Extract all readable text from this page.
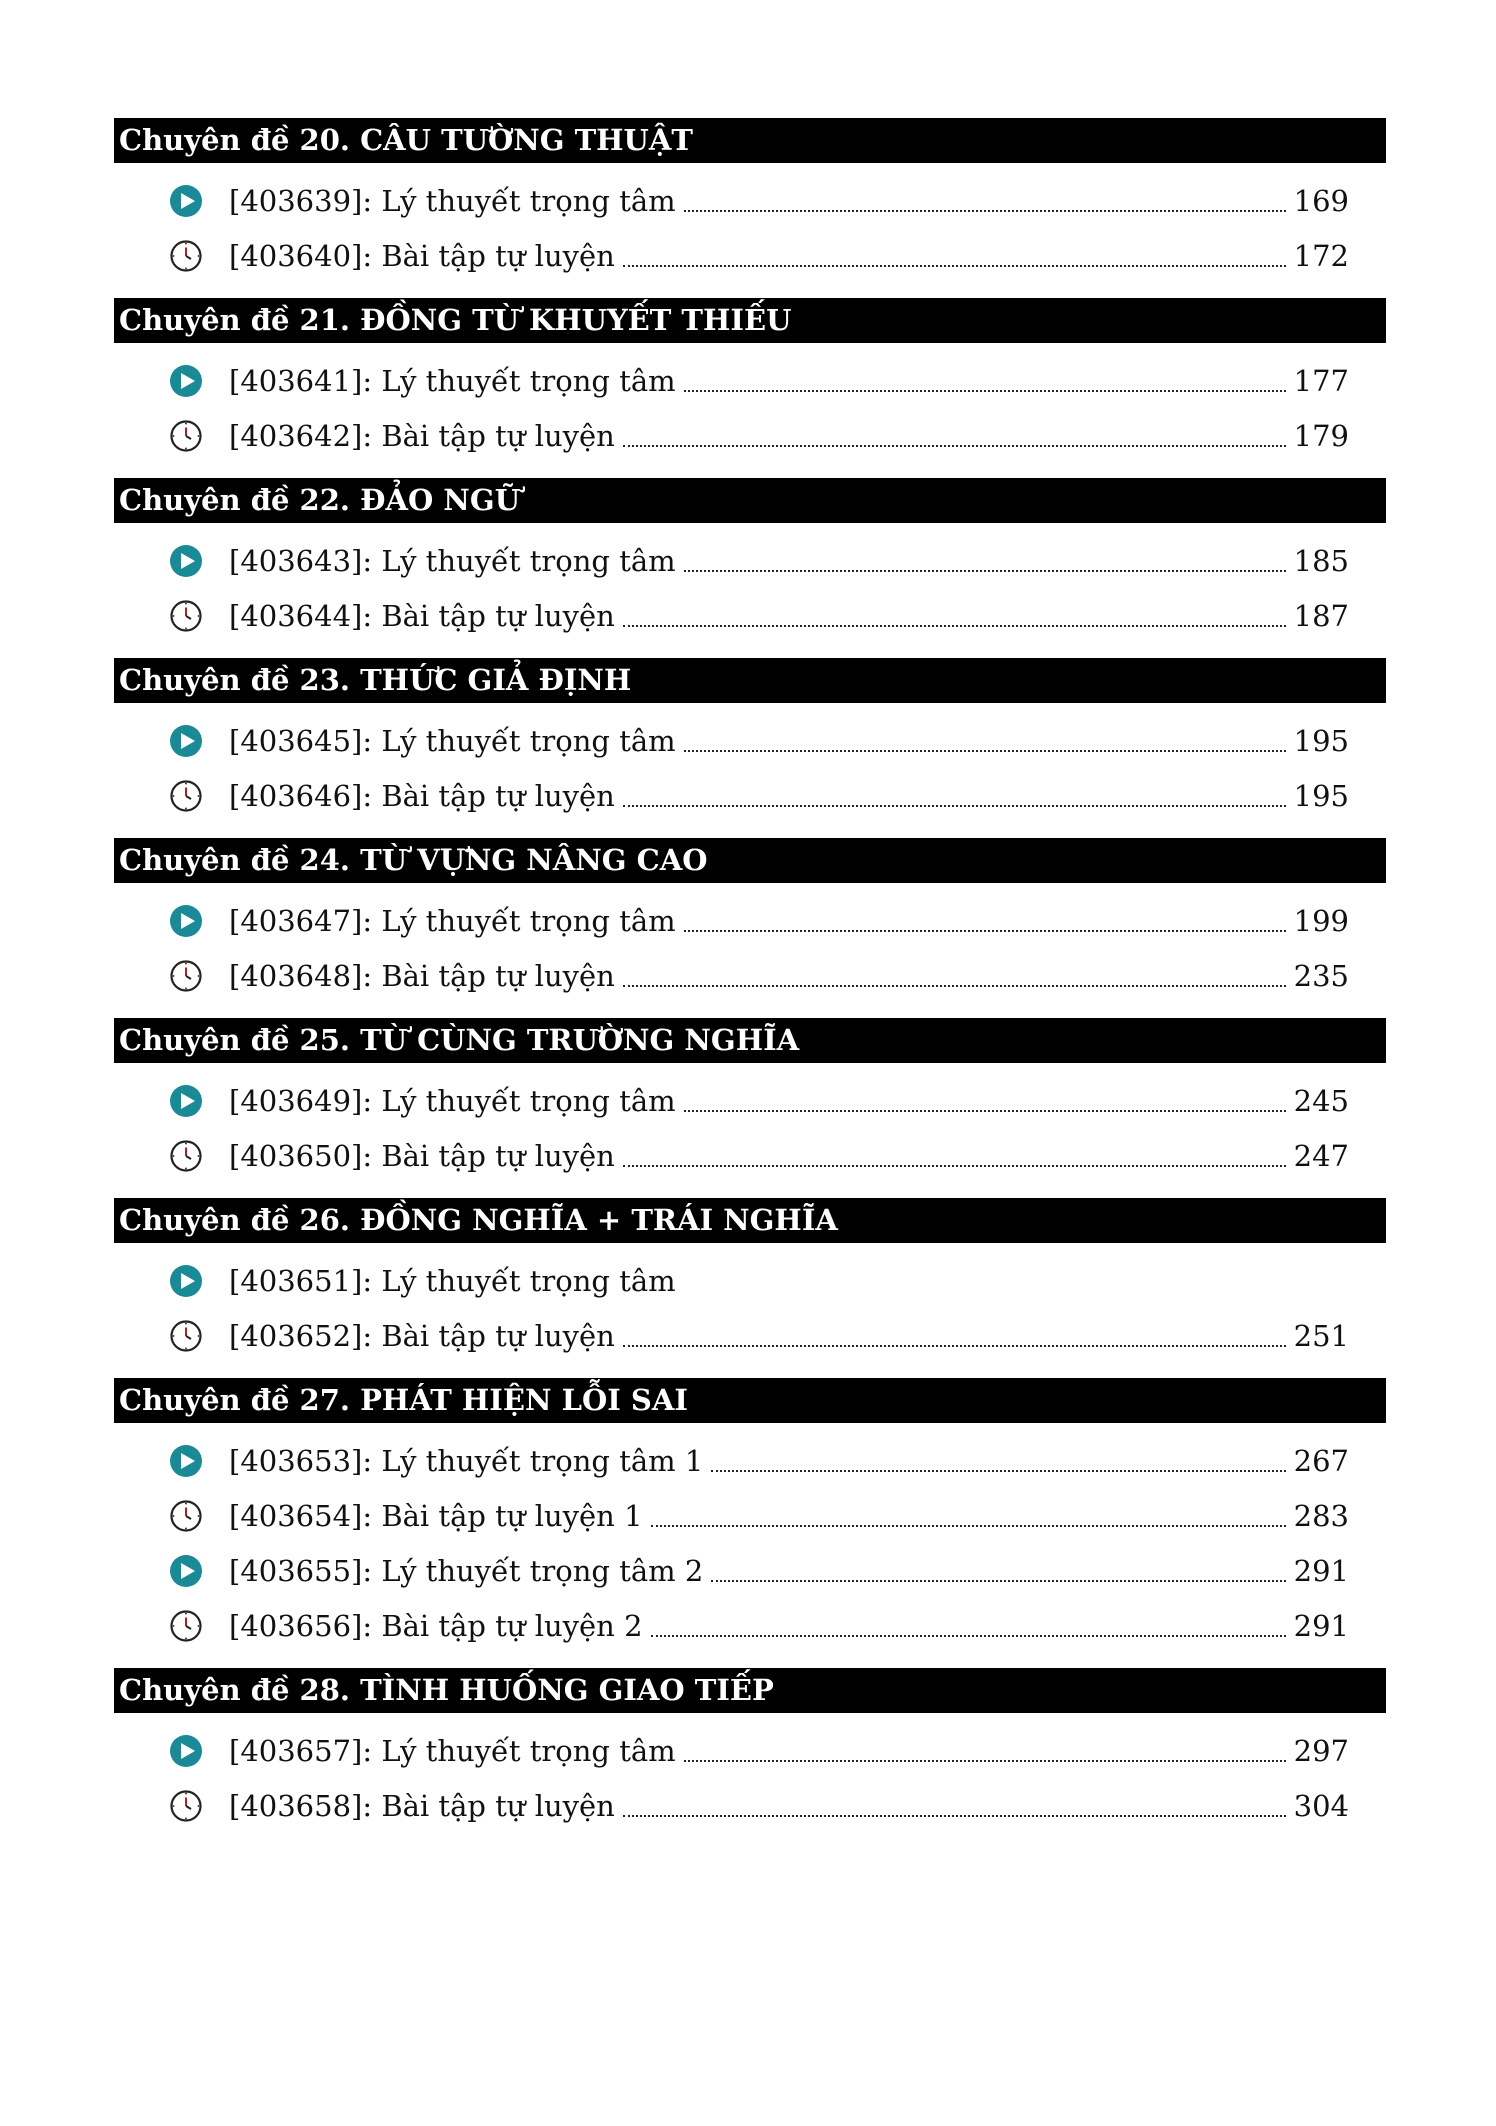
Chuyên đề 20. CÂU TƯỜNG THUẬT
[403639]: Lý thuyết trọng tâm	169
[403640]: Bài tập tự luyện	172
Chuyên đề 21. ĐỒNG TỪ KHUYẾT THIẾU
[403641]: Lý thuyết trọng tâm	177
[403642]: Bài tập tự luyện	179
Chuyên đề 22. ĐẢO NGỮ
[403643]: Lý thuyết trọng tâm	185
[403644]: Bài tập tự luyện	187
Chuyên đề 23. THỨC GIẢ ĐỊNH
[403645]: Lý thuyết trọng tâm	195
[403646]: Bài tập tự luyện	195
Chuyên đề 24. TỪ VỰNG NÂNG CAO
[403647]: Lý thuyết trọng tâm	199
[403648]: Bài tập tự luyện	235
Chuyên đề 25. TỪ CÙNG TRƯỜNG NGHĨA
[403649]: Lý thuyết trọng tâm	245
[403650]: Bài tập tự luyện	247
Chuyên đề 26. ĐỒNG NGHĨA + TRÁI NGHĨA
[403651]: Lý thuyết trọng tâm
[403652]: Bài tập tự luyện	251
Chuyên đề 27. PHÁT HIỆN LỖI SAI
[403653]: Lý thuyết trọng tâm 1	267
[403654]: Bài tập tự luyện 1	283
[403655]: Lý thuyết trọng tâm 2	291
[403656]: Bài tập tự luyện 2	291
Chuyên đề 28. TÌNH HUỐNG GIAO TIẾP
[403657]: Lý thuyết trọng tâm	297
[403658]: Bài tập tự luyện	304
